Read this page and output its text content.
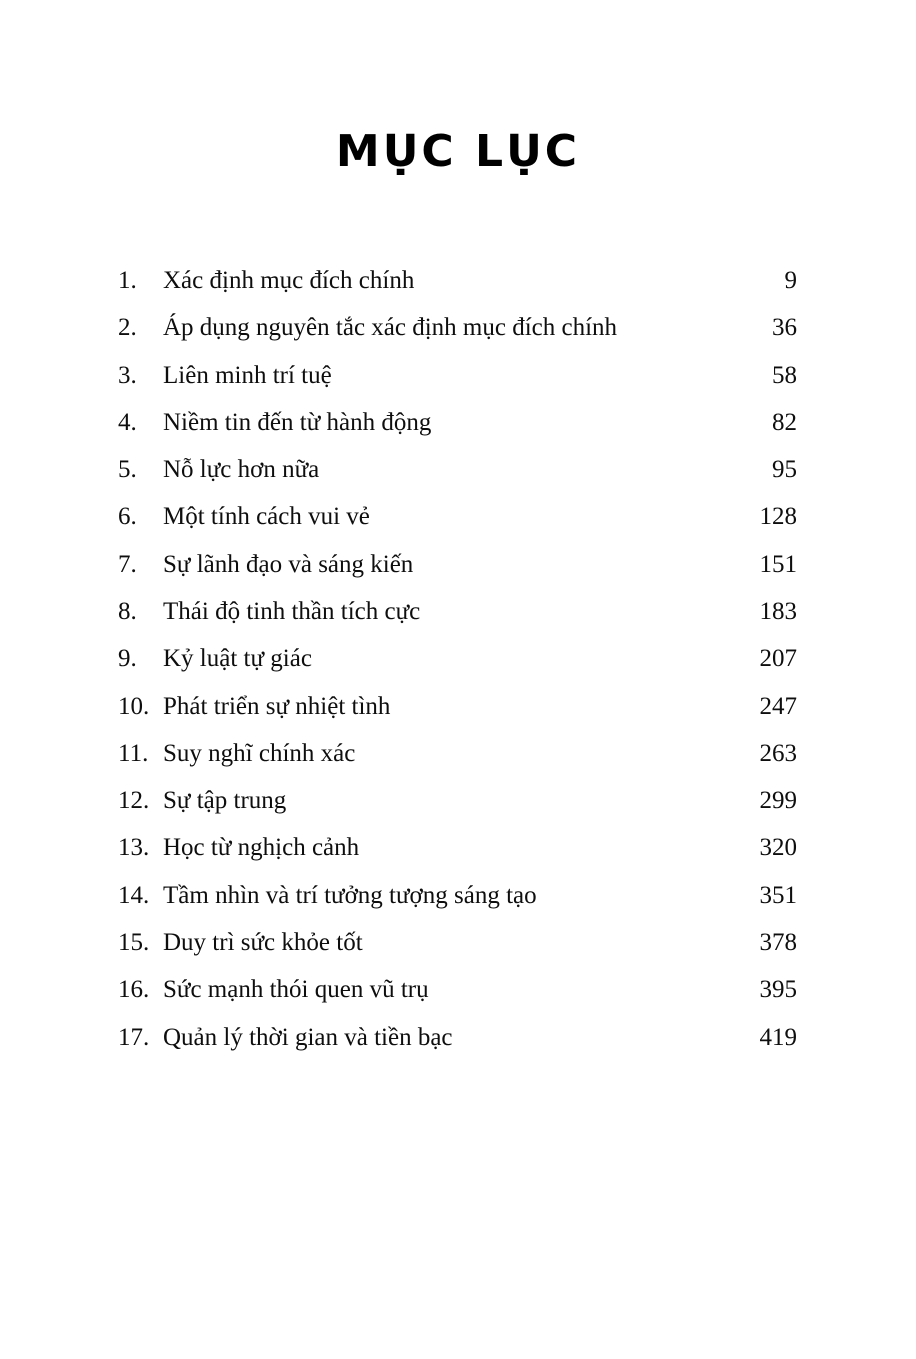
MỤC LỤC
1.	Xác định mục đích chính	9
2.	Áp dụng nguyên tắc xác định mục đích chính	36
3.	Liên minh trí tuệ	58
4.	Niềm tin đến từ hành động	82
5.	Nỗ lực hơn nữa	95
6.	Một tính cách vui vẻ	128
7.	Sự lãnh đạo và sáng kiến	151
8.	Thái độ tinh thần tích cực	183
9.	Kỷ luật tự giác	207
10. Phát triển sự nhiệt tình	247
11. Suy nghĩ chính xác	263
12. Sự tập trung	299
13. Học từ nghịch cảnh	320
14. Tầm nhìn và trí tưởng tượng sáng tạo	351
15. Duy trì sức khỏe tốt	378
16. Sức mạnh thói quen vũ trụ	395
17. Quản lý thời gian và tiền bạc	419
